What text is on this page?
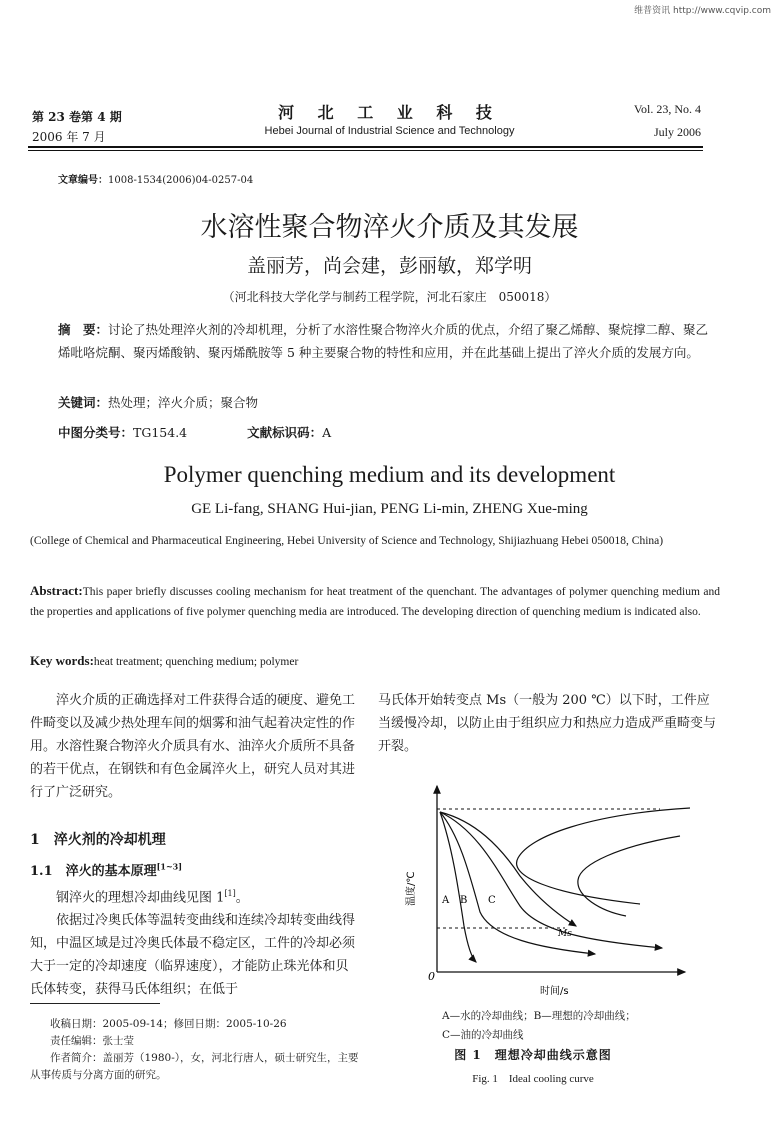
维普资讯 http://www.cqvip.com
第 23 卷第 4 期
2006 年 7 月
河 北 工 业 科 技
Hebei Journal of Industrial Science and Technology
Vol. 23, No. 4
July 2006
文章编号：1008-1534(2006)04-0257-04
水溶性聚合物淬火介质及其发展
盖丽芳，尚会建，彭丽敏，郑学明
（河北科技大学化学与制药工程学院，河北石家庄　050018）
摘　要：讨论了热处理淬火剂的冷却机理，分析了水溶性聚合物淬火介质的优点，介绍了聚乙烯醇、聚烷撑二醇、聚乙烯吡咯烷酮、聚丙烯酸钠、聚丙烯酰胺等 5 种主要聚合物的特性和应用，并在此基础上提出了淬火介质的发展方向。
关键词：热处理；淬火介质；聚合物
中图分类号：TG154.4	文献标识码：A
Polymer quenching medium and its development
GE Li-fang, SHANG Hui-jian, PENG Li-min, ZHENG Xue-ming
(College of Chemical and Pharmaceutical Engineering, Hebei University of Science and Technology, Shijiazhuang Hebei 050018, China)
Abstract:This paper briefly discusses cooling mechanism for heat treatment of the quenchant. The advantages of polymer quenching medium and the properties and applications of five polymer quenching media are introduced. The developing direction of quenching medium is indicated also.
Key words:heat treatment; quenching medium; polymer

淬火介质的正确选择对工件获得合适的硬度、避免工件畸变以及减少热处理车间的烟雾和油气起着决定性的作用。水溶性聚合物淬火介质具有水、油淬火介质所不具备的若干优点，在钢铁和有色金属淬火上，研究人员对其进行了广泛研究。

1　淬火剂的冷却机理
1.1　淬火的基本原理[1~3]

钢淬火的理想冷却曲线见图 1[1]。

依据过冷奥氏体等温转变曲线和连续冷却转变曲线得知，中温区域是过冷奥氏体最不稳定区，工件的冷却必须大于一定的冷却速度（临界速度），才能防止珠光体和贝氏体转变，获得马氏体组织；在低于

收稿日期：2005-09-14；修回日期：2005-10-26
责任编辑：张士莹
作者简介：盖丽芳（1980-），女，河北行唐人，硕士研究生，主要从事传质与分离方面的研究。

马氏体开始转变点 Ms（一般为 200 ℃）以下时，工件应当缓慢冷却，以防止由于组织应力和热应力造成严重畸变与开裂。

温度/℃
时间/s
0
A B C
Ms
A—水的冷却曲线；B—理想的冷却曲线；
C—油的冷却曲线
图 1　理想冷却曲线示意图
Fig. 1　Ideal cooling curve
